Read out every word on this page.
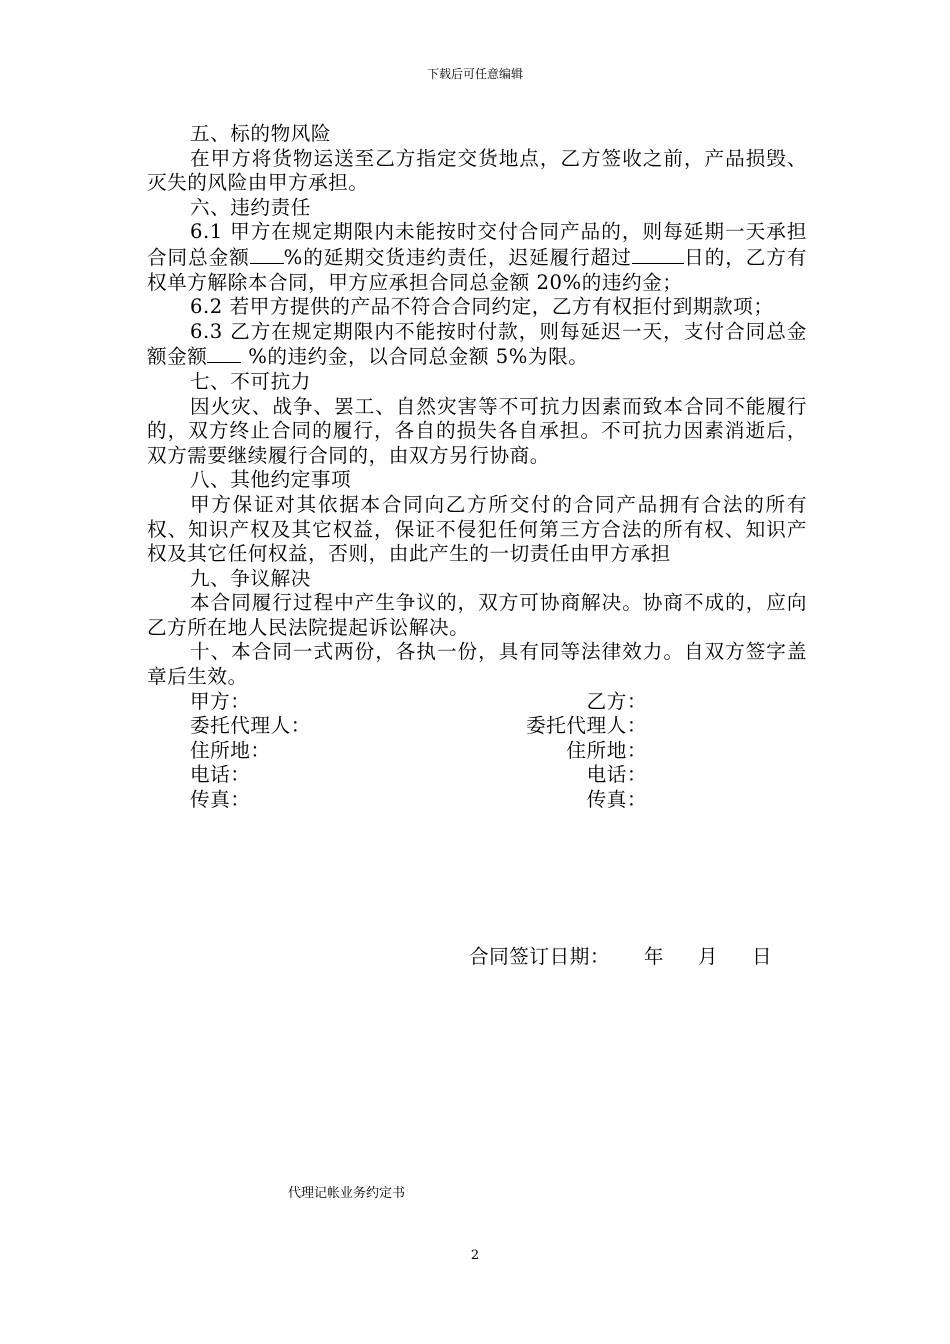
下载后可任意编辑

五、标的物风险

在甲方将货物运送至乙方指定交货地点，乙方签收之前，产品损毁、灭失的风险由甲方承担。

六、违约责任

6.1 甲方在规定期限内未能按时交付合同产品的，则每延期一天承担合同总金额 %的延期交货违约责任，迟延履行超过	日的，乙方有权单方解除本合同，甲方应承担合同总金额 20%的违约金；

6.2 若甲方提供的产品不符合合同约定，乙方有权拒付到期款项；

6.3 乙方在规定期限内不能按时付款，则每延迟一天，支付合同总金额金额 %的违约金，以合同总金额 5%为限。

七、不可抗力

因火灾、战争、罢工、自然灾害等不可抗力因素而致本合同不能履行的，双方终止合同的履行，各自的损失各自承担。不可抗力因素消逝后，双方需要继续履行合同的，由双方另行协商。

八、其他约定事项

甲方保证对其依据本合同向乙方所交付的合同产品拥有合法的所有权、知识产权及其它权益，保证不侵犯任何第三方合法的所有权、知识产权及其它任何权益，否则，由此产生的一切责任由甲方承担

九、争议解决

本合同履行过程中产生争议的，双方可协商解决。协商不成的，应向乙方所在地人民法院提起诉讼解决。

十、本合同一式两份，各执一份，具有同等法律效力。自双方签字盖章后生效。

甲方：	乙方：
委托代理人：	委托代理人：
住所地：	住所地：
电话：	电话：
传真：	传真：
合同签订日期：     年     月     日
代理记帐业务约定书
2
